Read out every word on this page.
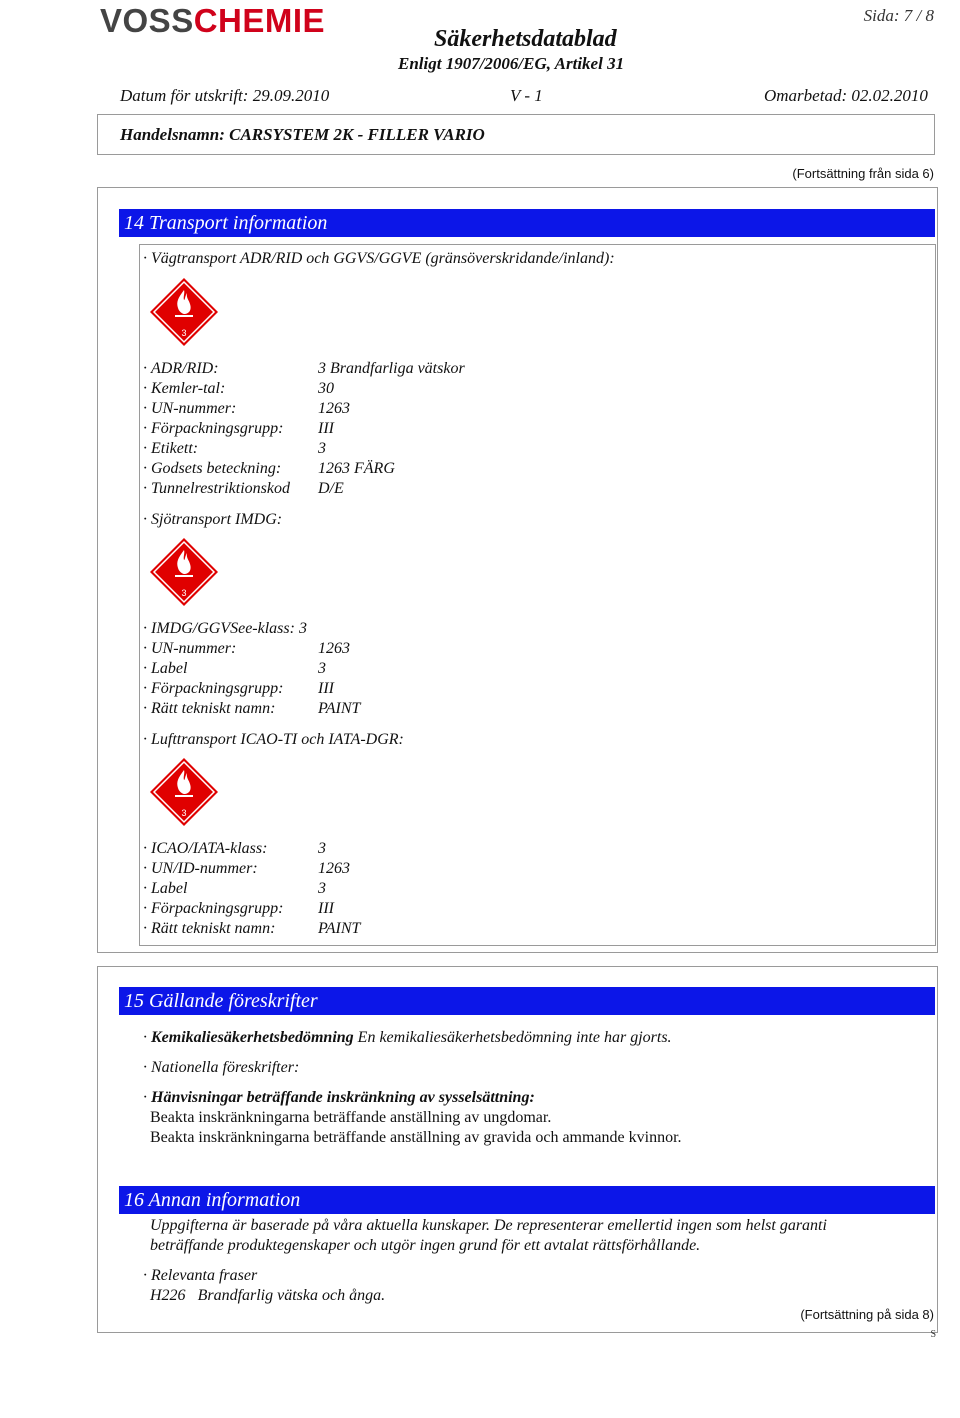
VOSSCHEMIE	Sida: 7 / 8
Säkerhetsdatablad
Enligt 1907/2006/EG, Artikel 31
Datum för utskrift: 29.09.2010	V - 1	Omarbetad: 02.02.2010
Handelsnamn: CARSYSTEM 2K - FILLER VARIO
(Fortsättning från sida 6)
14 Transport information
· Vägtransport ADR/RID och GGVS/GGVE (gränsöverskridande/inland):
3
· ADR/RID:	3 Brandfarliga vätskor
· Kemler-tal:	30
· UN-nummer:	1263
· Förpackningsgrupp: III
· Etikett:	3
· Godsets beteckning: 1263 FÄRG
· Tunnelrestriktionskod D/E
· Sjötransport IMDG:
3
· IMDG/GGVSee-klass: 3
· UN-nummer:	1263
· Label	3
· Förpackningsgrupp: III
· Rätt tekniskt namn:	PAINT
· Lufttransport ICAO-TI och IATA-DGR:
3
· ICAO/IATA-klass:	3
· UN/ID-nummer:	1263
· Label	3
· Förpackningsgrupp: III
· Rätt tekniskt namn:	PAINT
15 Gällande föreskrifter
· Kemikaliesäkerhetsbedömning En kemikaliesäkerhetsbedömning inte har gjorts.
· Nationella föreskrifter:
· Hänvisningar beträffande inskränkning av sysselsättning:
Beakta inskränkningarna beträffande anställning av ungdomar.
Beakta inskränkningarna beträffande anställning av gravida och ammande kvinnor.
16 Annan information
Uppgifterna är baserade på våra aktuella kunskaper. De representerar emellertid ingen som helst garanti
beträffande produktegenskaper och utgör ingen grund för ett avtalat rättsförhållande.
· Relevanta fraser
H226 Brandfarlig vätska och ånga.
(Fortsättning på sida 8)
S
